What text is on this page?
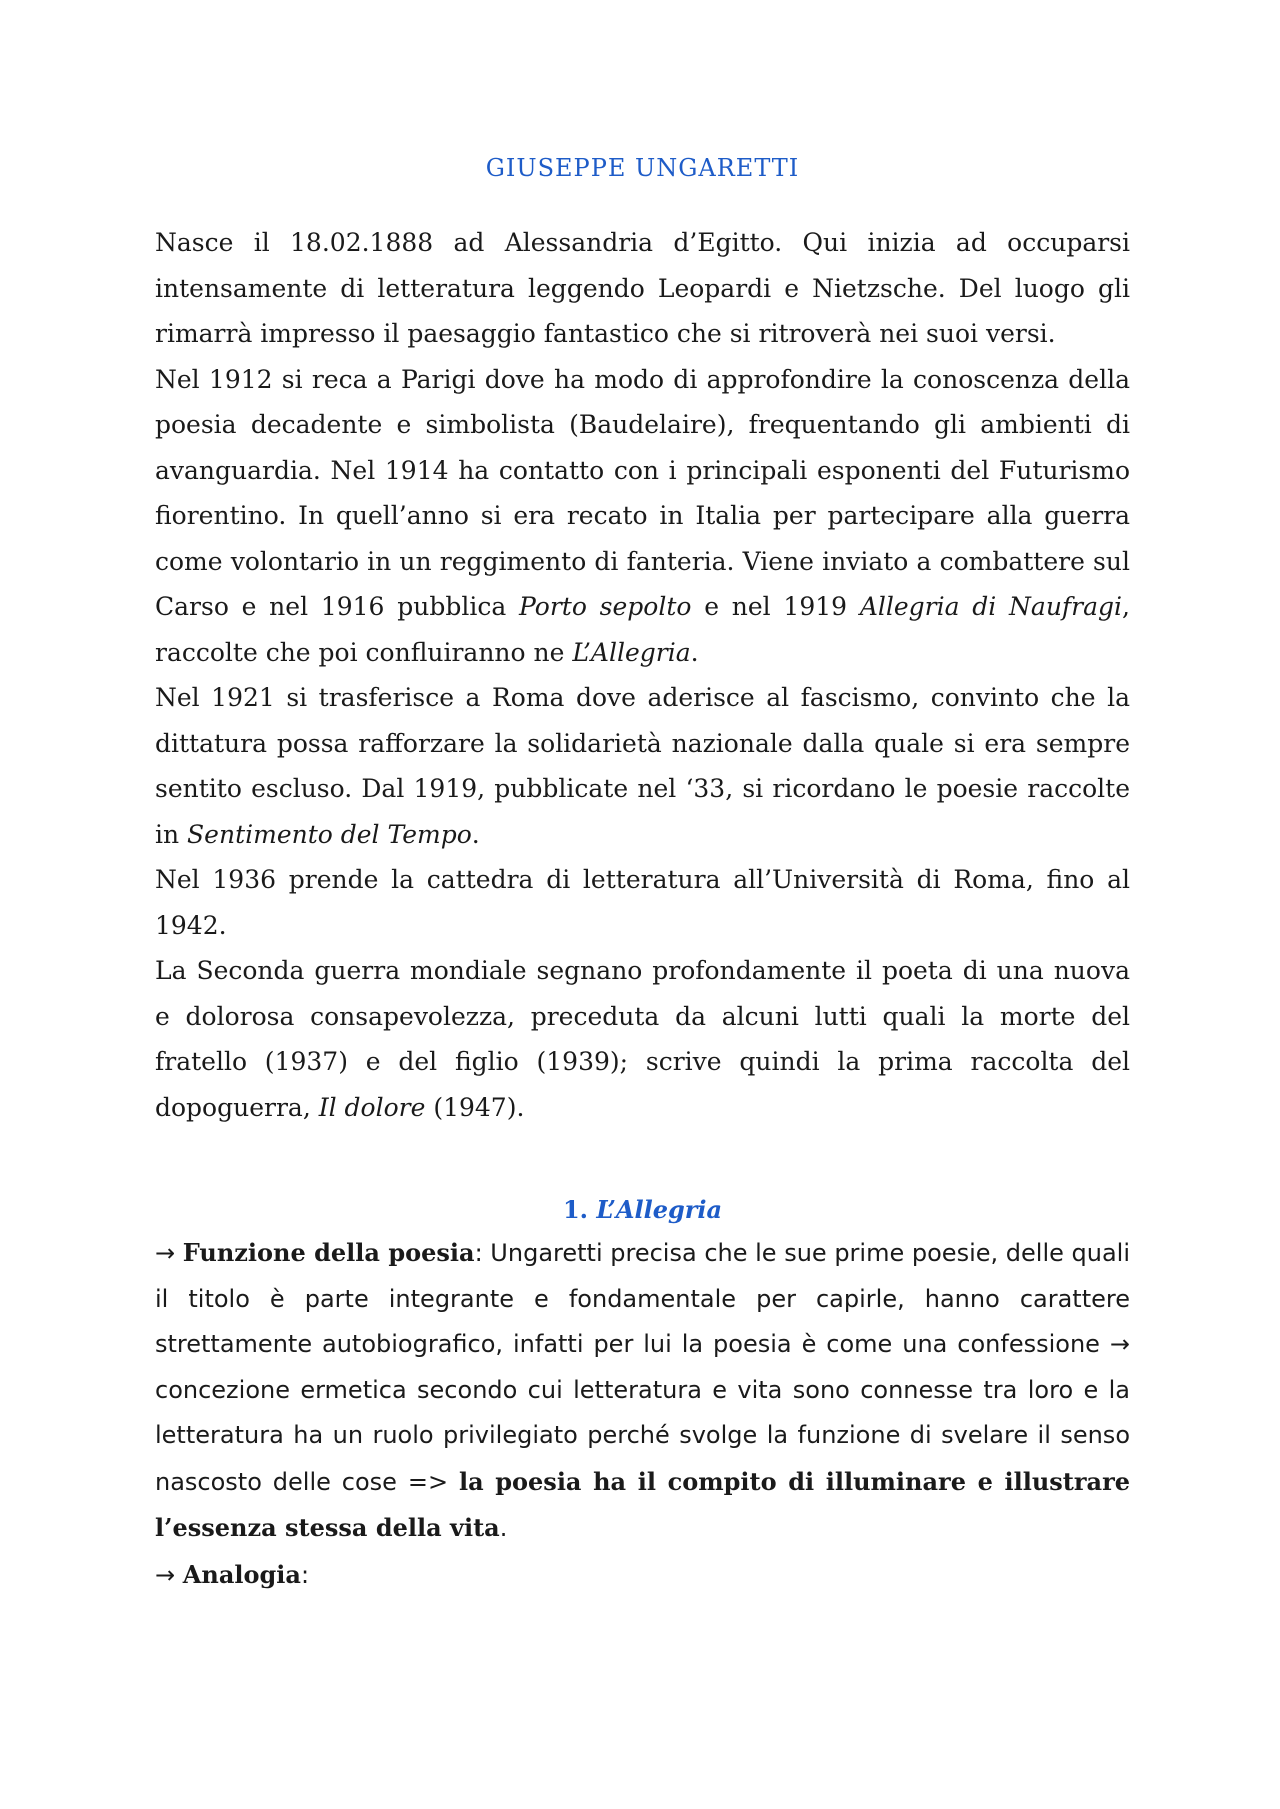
GIUSEPPE UNGARETTI

Nasce il 18.02.1888 ad Alessandria d’Egitto. Qui inizia ad occuparsi intensamente di letteratura leggendo Leopardi e Nietzsche. Del luogo gli rimarrà impresso il paesaggio fantastico che si ritroverà nei suoi versi.

Nel 1912 si reca a Parigi dove ha modo di approfondire la conoscenza della poesia decadente e simbolista (Baudelaire), frequentando gli ambienti di avanguardia. Nel 1914 ha contatto con i principali esponenti del Futurismo fiorentino. In quell’anno si era recato in Italia per partecipare alla guerra come volontario in un reggimento di fanteria. Viene inviato a combattere sul Carso e nel 1916 pubblica Porto sepolto e nel 1919 Allegria di Naufragi, raccolte che poi confluiranno ne L’Allegria.

Nel 1921 si trasferisce a Roma dove aderisce al fascismo, convinto che la dittatura possa rafforzare la solidarietà nazionale dalla quale si era sempre sentito escluso. Dal 1919, pubblicate nel ‘33, si ricordano le poesie raccolte in Sentimento del Tempo.

Nel 1936 prende la cattedra di letteratura all’Università di Roma, fino al 1942.

La Seconda guerra mondiale segnano profondamente il poeta di una nuova e dolorosa consapevolezza, preceduta da alcuni lutti quali la morte del fratello (1937) e del figlio (1939); scrive quindi la prima raccolta del dopoguerra, Il dolore (1947).

1. L’Allegria

→ Funzione della poesia: Ungaretti precisa che le sue prime poesie, delle quali il titolo è parte integrante e fondamentale per capirle, hanno carattere strettamente autobiografico, infatti per lui la poesia è come una confessione → concezione ermetica secondo cui letteratura e vita sono connesse tra loro e la letteratura ha un ruolo privilegiato perché svolge la funzione di svelare il senso nascosto delle cose => la poesia ha il compito di illuminare e illustrare l’essenza stessa della vita.

→ Analogia:
